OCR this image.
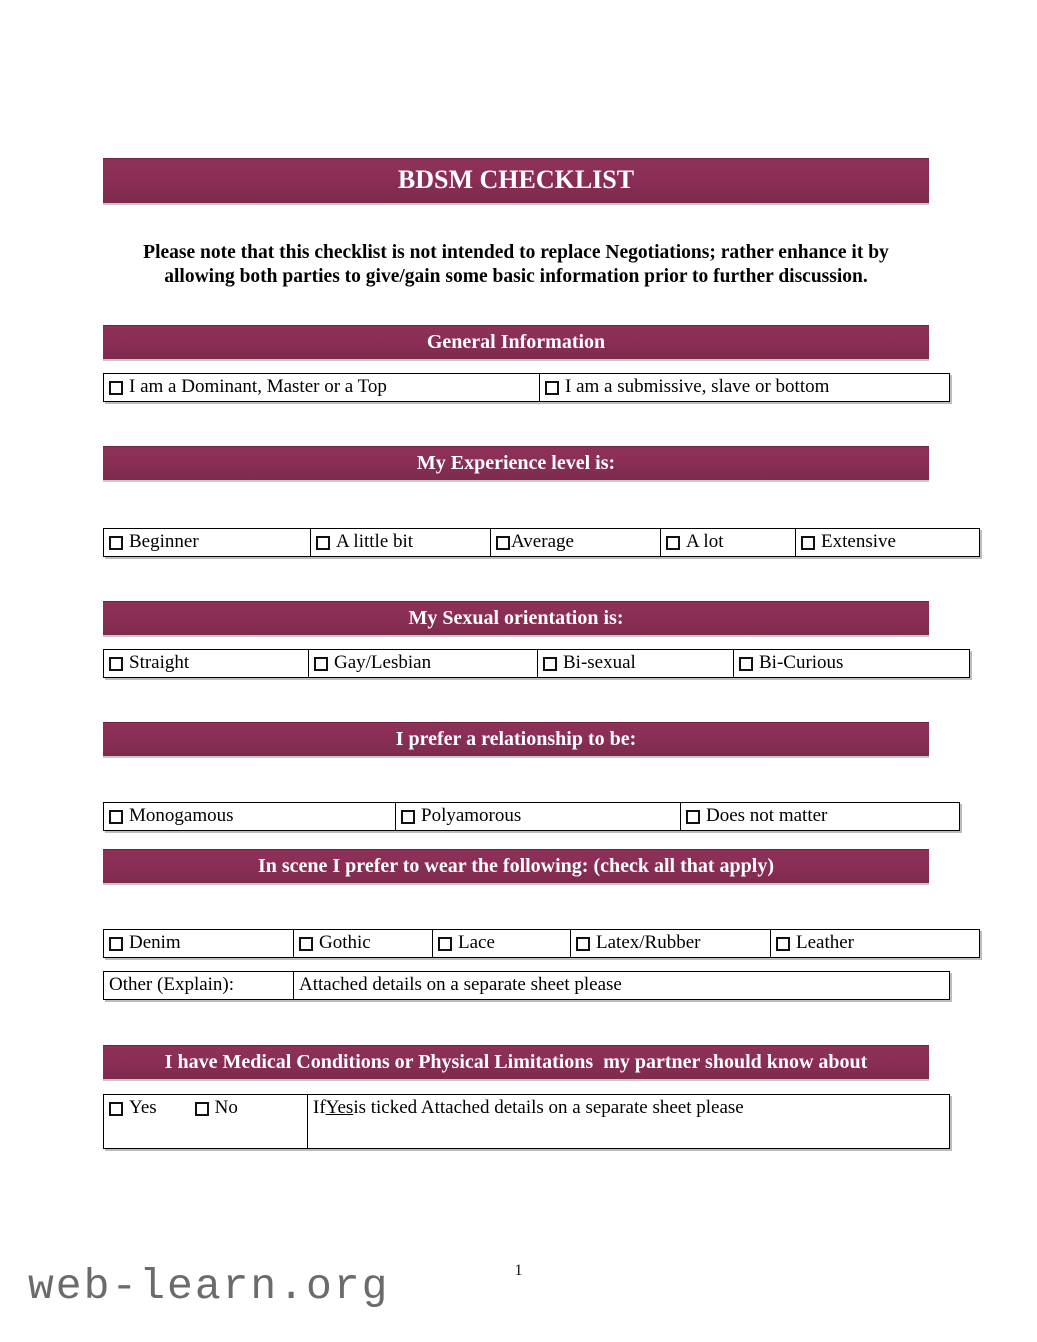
BDSM CHECKLIST
Please note that this checklist is not intended to replace Negotiations; rather enhance it by allowing both parties to give/gain some basic information prior to further discussion.
General Information
I am a Dominant, Master or a Top	I am a submissive, slave or bottom
My Experience level is:
Beginner	A little bit	Average	A lot	Extensive
My Sexual orientation is:
Straight	Gay/Lesbian	Bi-sexual	Bi-Curious
I prefer a relationship to be:
Monogamous	Polyamorous	Does not matter
In scene I prefer to wear the following: (check all that apply)
Denim	Gothic	Lace	Latex/Rubber	Leather
Other (Explain):	Attached details on a separate sheet please
I have Medical Conditions or Physical Limitations  my partner should know about
Yes	No	IfYesis ticked Attached details on a separate sheet please
1
web-learn.org
